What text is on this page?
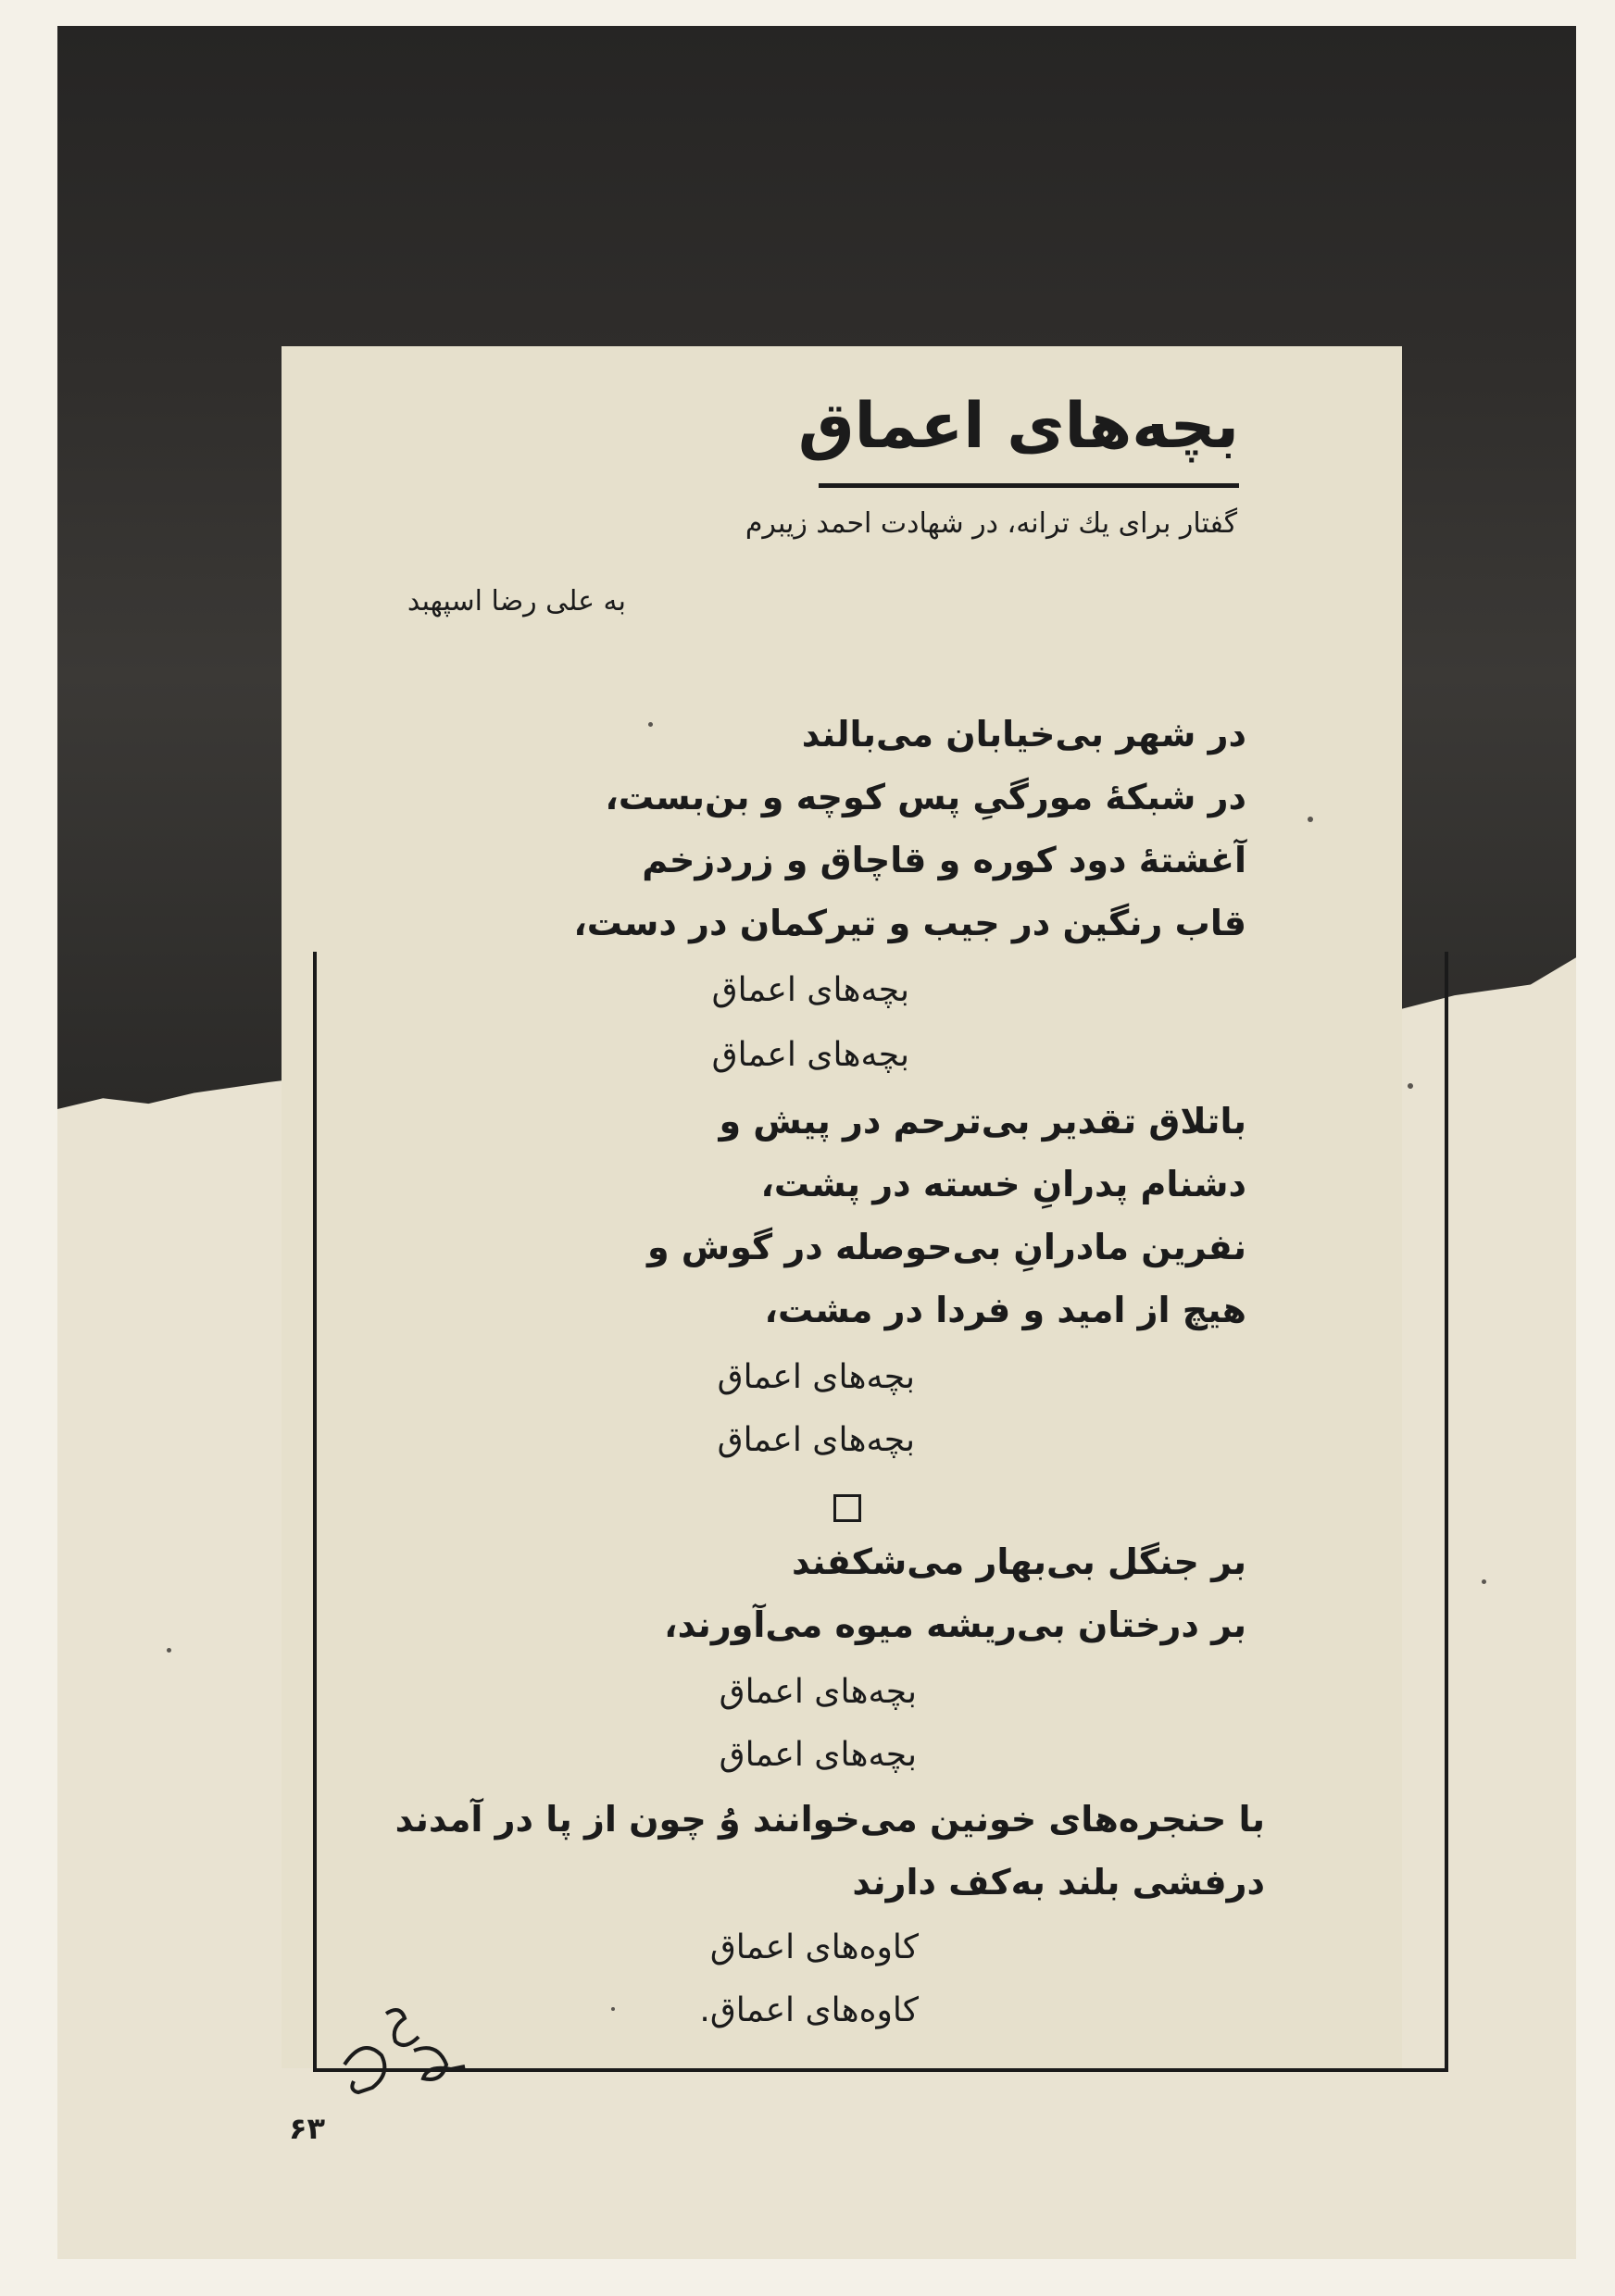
بچه‌های اعماق
گفتار برای یك ترانه، در شهادت احمد زیبرم
به علی رضا اسپهبد
در شهر بی‌خیابان می‌بالند
در شبکهٔ مورگیِ پس کوچه و بن‌بست،
آغشتهٔ دود کوره و قاچاق و زردزخم
قاب رنگین در جیب و تیرکمان در دست،
بچه‌های اعماق
بچه‌های اعماق
باتلاق تقدیر بی‌ترحم در پیش و
دشنام پدرانِ خسته در پشت،
نفرین مادرانِ بی‌حوصله در گوش و
هیچ از امید و فردا در مشت،
بچه‌های اعماق
بچه‌های اعماق
بر جنگل بی‌بهار می‌شکفند
بر درختان بی‌ریشه میوه می‌آورند،
بچه‌های اعماق
بچه‌های اعماق
با حنجره‌های خونین می‌خوانند وُ چون از پا در آمدند
درفشی بلند به‌کف دارند
کاوه‌های اعماق
کاوه‌های اعماق.
۶۳
